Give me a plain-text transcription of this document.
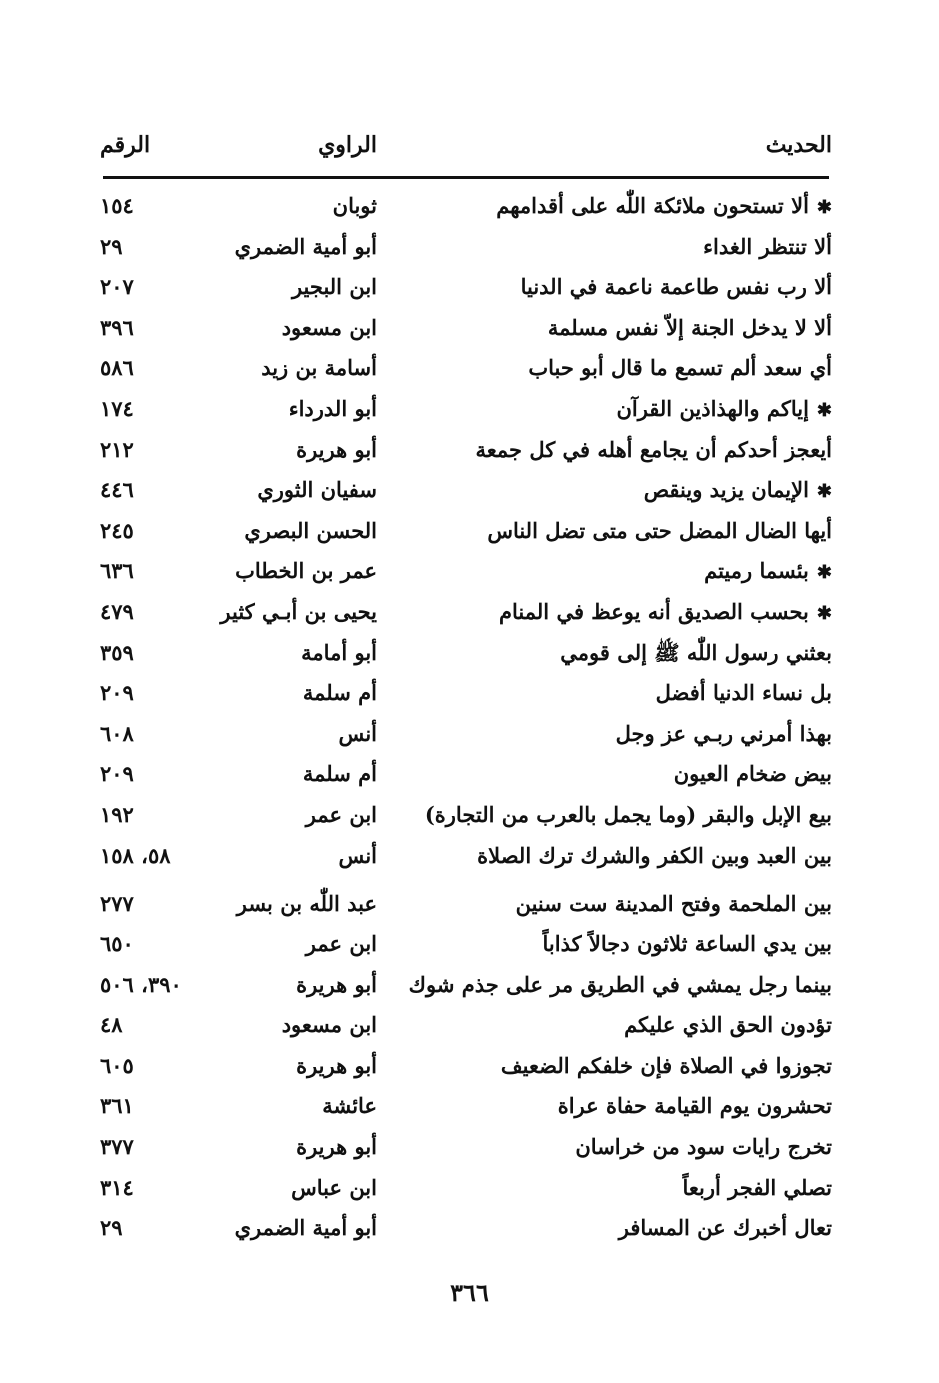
الحديث
الراوي
الرقم
✱ألا تستحون ملائكة اللّٰه على أقدامهم
ثوبان
١٥٤
ألا تنتظر الغداء
أبو أمية الضمري
٢٩
ألا رب نفس طاعمة ناعمة في الدنيا
ابن البجير
٢٠٧
ألا لا يدخل الجنة إلاّ نفس مسلمة
ابن مسعود
٣٩٦
أي سعد ألم تسمع ما قال أبو حباب
أسامة بن زيد
٥٨٦
✱إياكم والهذاذين القرآن
أبو الدرداء
١٧٤
أيعجز أحدكم أن يجامع أهله في كل جمعة
أبو هريرة
٢١٢
✱الإيمان يزيد وينقص
سفيان الثوري
٤٤٦
أيها الضال المضل حتى متى تضل الناس
الحسن البصري
٢٤٥
✱بئسما رميتم
عمر بن الخطاب
٦٣٦
✱بحسب الصديق أنه يوعظ في المنام
يحيى بن أبـي كثير
٤٧٩
بعثني رسول اللّٰه ﷺ إلى قومي
أبو أمامة
٣٥٩
بل نساء الدنيا أفضل
أم سلمة
٢٠٩
بهذا أمرني ربـي عز وجل
أنس
٦٠٨
بيض ضخام العيون
أم سلمة
٢٠٩
بيع الإبل والبقر (وما يجمل بالعرب من التجارة)
ابن عمر
١٩٢
بين العبد وبين الكفر والشرك ترك الصلاة
أنس
٥٨، ١٥٨
بين الملحمة وفتح المدينة ست سنين
عبد اللّٰه بن بسر
٢٧٧
بين يدي الساعة ثلاثون دجالاً كذاباً
ابن عمر
٦٥٠
بينما رجل يمشي في الطريق مر على جذم شوك
أبو هريرة
٣٩٠، ٥٠٦
تؤدون الحق الذي عليكم
ابن مسعود
٤٨
تجوزوا في الصلاة فإن خلفكم الضعيف
أبو هريرة
٦٠٥
تحشرون يوم القيامة حفاة عراة
عائشة
٣٦١
تخرج رايات سود من خراسان
أبو هريرة
٣٧٧
تصلي الفجر أربعاً
ابن عباس
٣١٤
تعال أخبرك عن المسافر
أبو أمية الضمري
٢٩
٣٦٦
